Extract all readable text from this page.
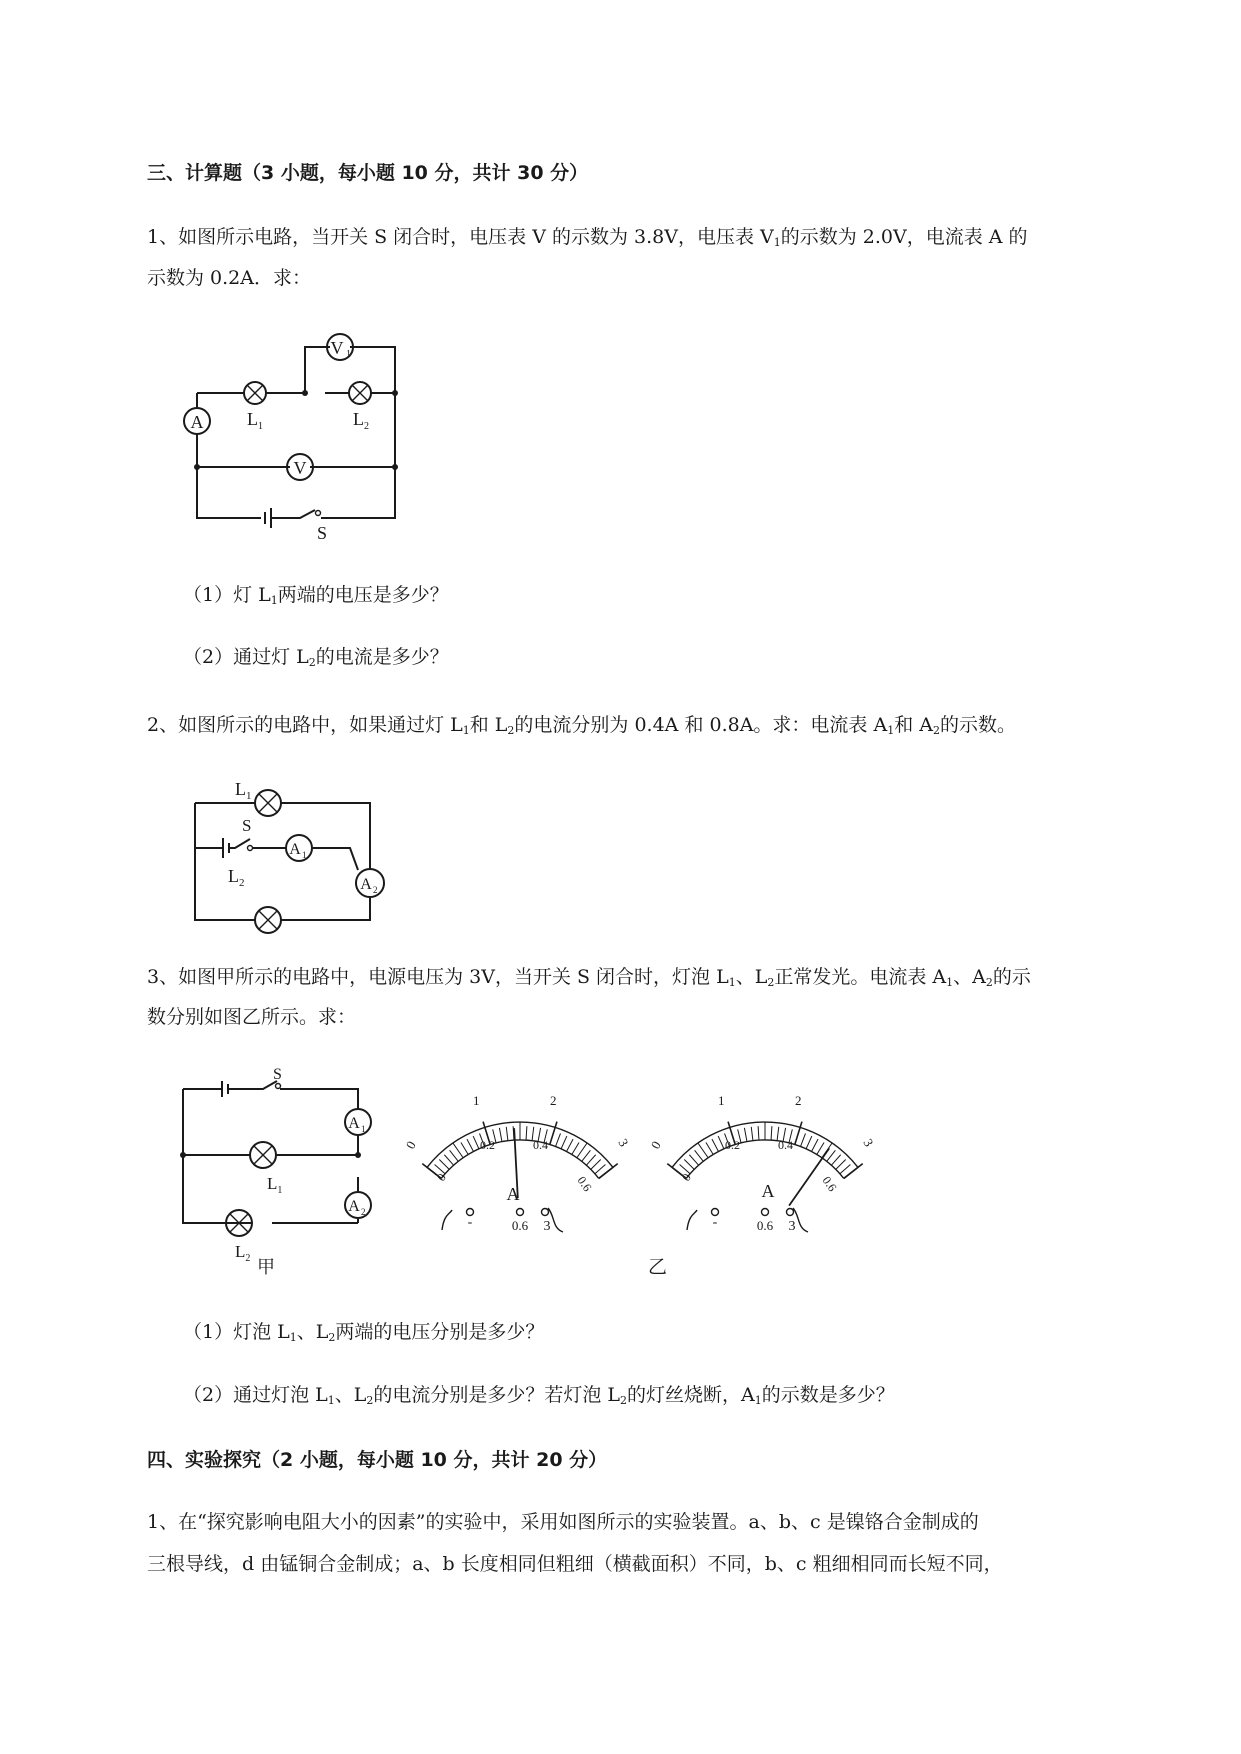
三、计算题（3 小题，每小题 10 分，共计 30 分）
1、如图所示电路，当开关 S 闭合时，电压表 V 的示数为 3.8V，电压表 $V_1$的示数为 2.0V，电流表 A 的
示数为 0.2A．求：
A
V
V 1
$L_1$	$L_2$
S
（1）灯 $L_1$两端的电压是多少？
（2）通过灯 $L_2$的电流是多少？
2、如图所示的电路中，如果通过灯 $L_1$和 $L_2$的电流分别为 0.4A 和 0.8A。求：电流表 $A_1$和 $A_2$的示数。
A 1
A 2
$L_1$
$L_2$
S
3、如图甲所示的电路中，电源电压为 3V，当开关 S 闭合时，灯泡 $L_1$、$L_2$正常发光。电流表 $A_1$、$A_2$的示
数分别如图乙所示。求：
A 1
A 2
S
$L_1$
$L_2$ 甲
0
1	2
3
0
0.2	0.4
0.6
A
-	0.6 3
0
1	2
3
0
0.2	0.4
0.6
A
-	0.6 3
乙
（1）灯泡 $L_1$、$L_2$两端的电压分别是多少？
（2）通过灯泡 $L_1$、$L_2$的电流分别是多少？若灯泡 $L_2$的灯丝烧断，$A_1$的示数是多少？
四、实验探究（2 小题，每小题 10 分，共计 20 分）
1、在“探究影响电阻大小的因素”的实验中，采用如图所示的实验装置。a、b、c 是镍铬合金制成的
三根导线，d 由锰铜合金制成；a、b 长度相同但粗细（横截面积）不同，b、c 粗细相同而长短不同，
